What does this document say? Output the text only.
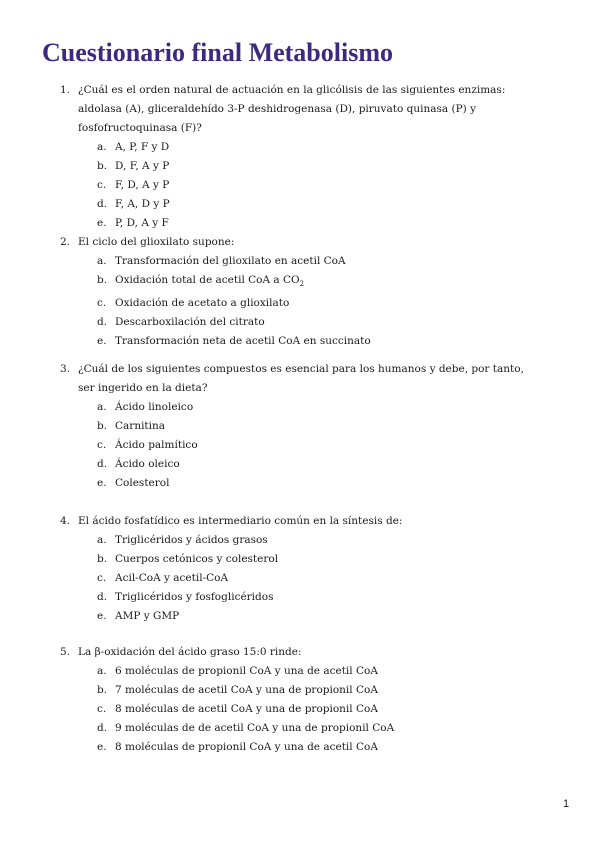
Cuestionario final Metabolismo
1. ¿Cuál es el orden natural de actuación en la glicólisis de las siguientes enzimas: aldolasa (A), gliceraldehído 3-P deshidrogenasa (D), piruvato quinasa (P) y fosfofructoquinasa (F)?
a. A, P, F y D
b. D, F, A y P
c. F, D, A y P
d. F, A, D y P
e. P, D, A y F
2. El ciclo del glioxilato supone:
a. Transformación del glioxilato en acetil CoA
b. Oxidación total de acetil CoA a $CO_2$
c. Oxidación de acetato a glioxilato
d. Descarboxilación del citrato
e. Transformación neta de acetil CoA en succinato
3. ¿Cuál de los siguientes compuestos es esencial para los humanos y debe, por tanto, ser ingerido en la dieta?
a. Ácido linoleico
b. Carnitina
c. Ácido palmítico
d. Ácido oleico
e. Colesterol
4. El ácido fosfatídico es intermediario común en la síntesis de:
a. Triglicéridos y ácidos grasos
b. Cuerpos cetónicos y colesterol
c. Acil-CoA y acetil-CoA
d. Triglicéridos y fosfoglicéridos
e. AMP y GMP
5. La β-oxidación del ácido graso 15:0 rinde:
a. 6 moléculas de propionil CoA y una de acetil CoA
b. 7 moléculas de acetil CoA y una de propionil CoA
c. 8 moléculas de acetil CoA y una de propionil CoA
d. 9 moléculas de de acetil CoA y una de propionil CoA
e. 8 moléculas de propionil CoA y una de acetil CoA
1
